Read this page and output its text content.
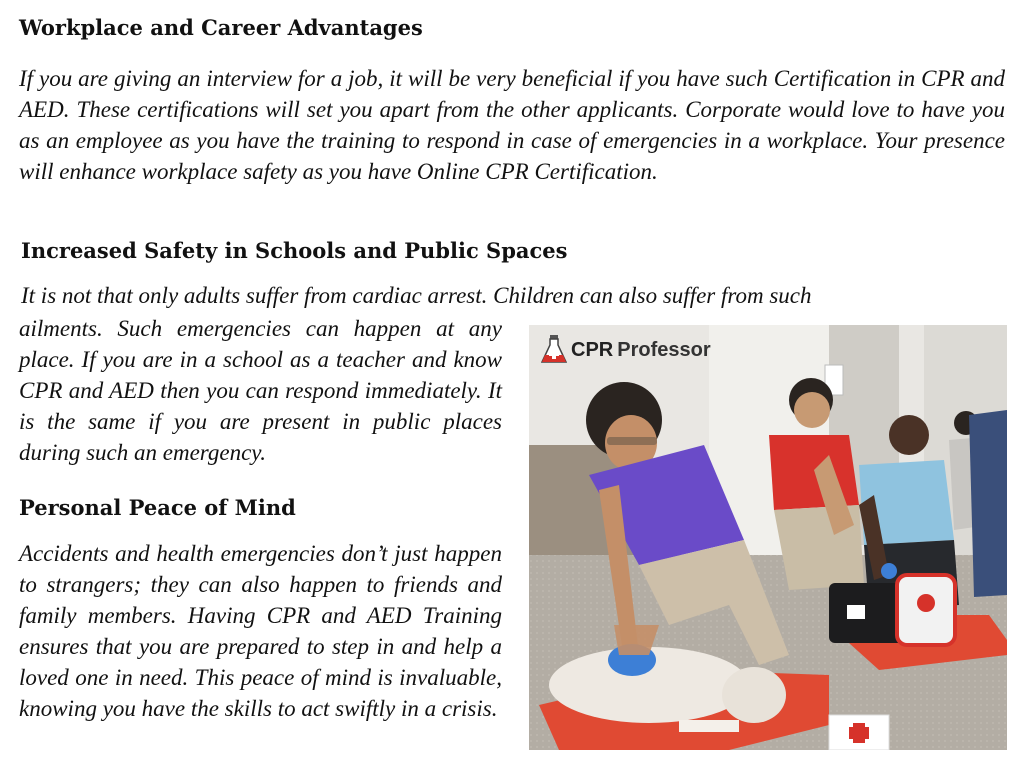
Workplace and Career Advantages

If you are giving an interview for a job, it will be very beneficial if you have such Certification in CPR and AED. These certifications will set you apart from the other applicants. Corporate would love to have you as an employee as you have the training to respond in case of emergencies in a workplace. Your presence will enhance workplace safety as you have Online CPR Certification.

Increased Safety in Schools and Public Spaces

It is not that only adults suffer from cardiac arrest. Children can also suffer from such

ailments. Such emergencies can happen at any place. If you are in a school as a teacher and know CPR and AED then you can respond immediately. It is the same if you are present in public places during such an emergency.

Personal Peace of Mind

Accidents and health emergencies don’t just happen to strangers; they can also happen to friends and family members. Having CPR and AED Training ensures that you are prepared to step in and help a loved one in need. This peace of mind is invaluable, knowing you have the skills to act swiftly in a crisis.

CPR Professor
